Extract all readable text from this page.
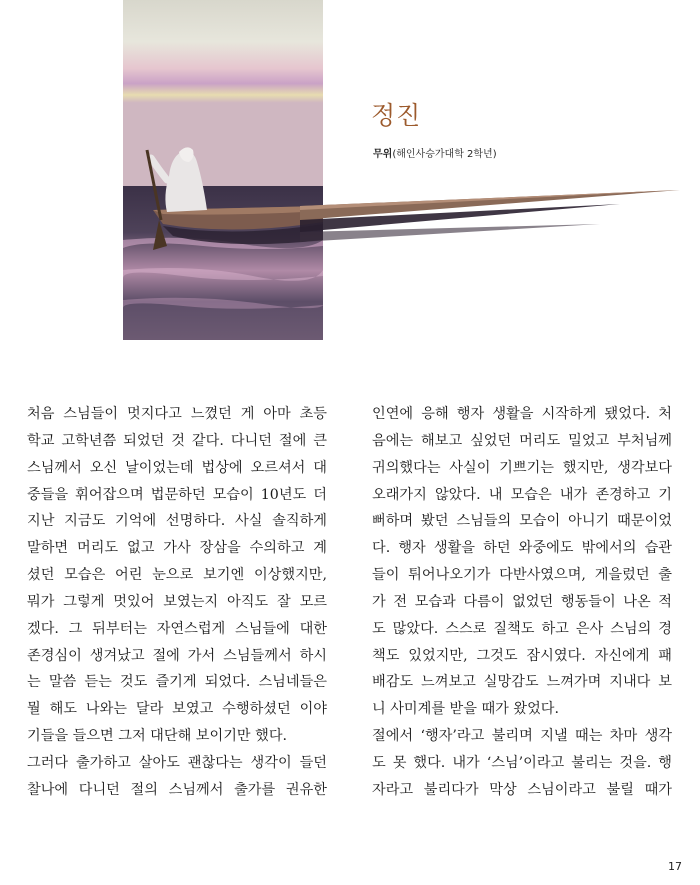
정진
무위(해인사승가대학 2학년)
처음 스님들이 멋지다고 느꼈던 게 아마 초등
학교 고학년쯤 되었던 것 같다. 다니던 절에 큰
스님께서 오신 날이었는데 법상에 오르셔서 대
중들을 휘어잡으며 법문하던 모습이 10년도 더
지난 지금도 기억에 선명하다. 사실 솔직하게
말하면 머리도 없고 가사 장삼을 수의하고 계
셨던 모습은 어린 눈으로 보기엔 이상했지만,
뭐가 그렇게 멋있어 보였는지 아직도 잘 모르
겠다. 그 뒤부터는 자연스럽게 스님들에 대한
존경심이 생겨났고 절에 가서 스님들께서 하시
는 말씀 듣는 것도 즐기게 되었다. 스님네들은
뭘 해도 나와는 달라 보였고 수행하셨던 이야
기들을 들으면 그저 대단해 보이기만 했다.
그러다 출가하고 살아도 괜찮다는 생각이 들던
찰나에 다니던 절의 스님께서 출가를 권유한
인연에 응해 행자 생활을 시작하게 됐었다. 처
음에는 해보고 싶었던 머리도 밀었고 부처님께
귀의했다는 사실이 기쁘기는 했지만, 생각보다
오래가지 않았다. 내 모습은 내가 존경하고 기
뻐하며 봤던 스님들의 모습이 아니기 때문이었
다. 행자 생활을 하던 와중에도 밖에서의 습관
들이 튀어나오기가 다반사였으며, 게을렀던 출
가 전 모습과 다름이 없었던 행동들이 나온 적
도 많았다. 스스로 질책도 하고 은사 스님의 경
책도 있었지만, 그것도 잠시였다. 자신에게 패
배감도 느껴보고 실망감도 느껴가며 지내다 보
니 사미계를 받을 때가 왔었다.
절에서 ‘행자’라고 불리며 지낼 때는 차마 생각
도 못 했다. 내가 ‘스님’이라고 불리는 것을. 행
자라고 불리다가 막상 스님이라고 불릴 때가
17
